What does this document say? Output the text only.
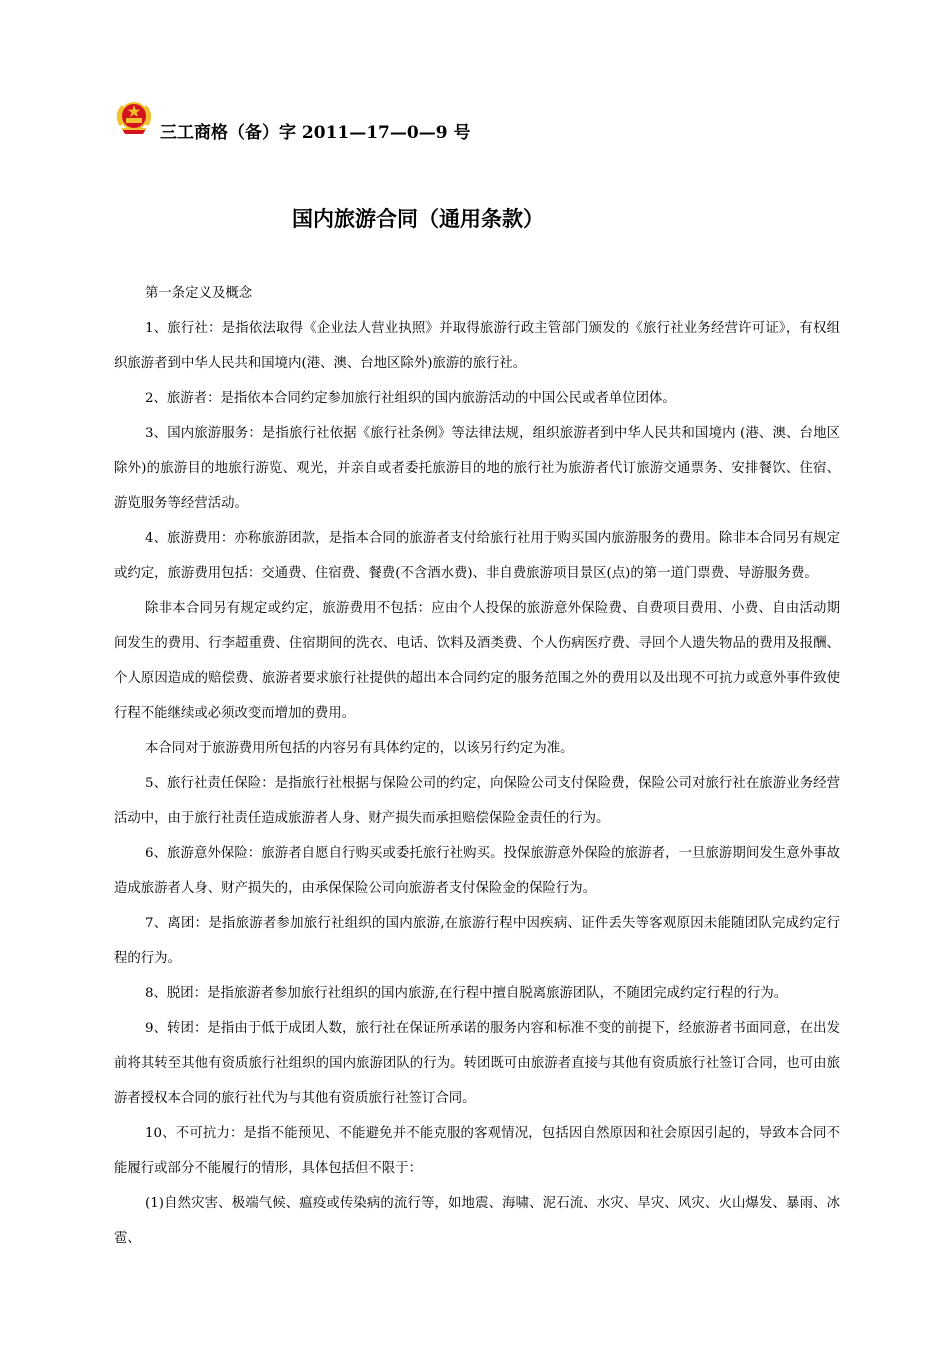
三工商格（备）字 2011—17—0—9 号
国内旅游合同（通用条款）

第一条定义及概念

1、旅行社：是指依法取得《企业法人营业执照》并取得旅游行政主管部门颁发的《旅行社业务经营许可证》，有权组织旅游者到中华人民共和国境内(港、澳、台地区除外)旅游的旅行社。

2、旅游者：是指依本合同约定参加旅行社组织的国内旅游活动的中国公民或者单位团体。

3、国内旅游服务：是指旅行社依据《旅行社条例》等法律法规，组织旅游者到中华人民共和国境内 (港、澳、台地区除外)的旅游目的地旅行游览、观光，并亲自或者委托旅游目的地的旅行社为旅游者代订旅游交通票务、安排餐饮、住宿、游览服务等经营活动。

4、旅游费用：亦称旅游团款，是指本合同的旅游者支付给旅行社用于购买国内旅游服务的费用。除非本合同另有规定或约定，旅游费用包括：交通费、住宿费、餐费(不含酒水费)、非自费旅游项目景区(点)的第一道门票费、导游服务费。

除非本合同另有规定或约定，旅游费用不包括：应由个人投保的旅游意外保险费、自费项目费用、小费、自由活动期间发生的费用、行李超重费、住宿期间的洗衣、电话、饮料及酒类费、个人伤病医疗费、寻回个人遗失物品的费用及报酬、个人原因造成的赔偿费、旅游者要求旅行社提供的超出本合同约定的服务范围之外的费用以及出现不可抗力或意外事件致使行程不能继续或必须改变而增加的费用。

本合同对于旅游费用所包括的内容另有具体约定的，以该另行约定为准。

5、旅行社责任保险：是指旅行社根据与保险公司的约定，向保险公司支付保险费，保险公司对旅行社在旅游业务经营活动中，由于旅行社责任造成旅游者人身、财产损失而承担赔偿保险金责任的行为。

6、旅游意外保险：旅游者自愿自行购买或委托旅行社购买。投保旅游意外保险的旅游者，一旦旅游期间发生意外事故造成旅游者人身、财产损失的，由承保保险公司向旅游者支付保险金的保险行为。

7、离团：是指旅游者参加旅行社组织的国内旅游,在旅游行程中因疾病、证件丢失等客观原因未能随团队完成约定行程的行为。

8、脱团：是指旅游者参加旅行社组织的国内旅游,在行程中擅自脱离旅游团队，不随团完成约定行程的行为。

9、转团：是指由于低于成团人数，旅行社在保证所承诺的服务内容和标准不变的前提下，经旅游者书面同意，在出发前将其转至其他有资质旅行社组织的国内旅游团队的行为。转团既可由旅游者直接与其他有资质旅行社签订合同，也可由旅游者授权本合同的旅行社代为与其他有资质旅行社签订合同。

10、不可抗力：是指不能预见、不能避免并不能克服的客观情况，包括因自然原因和社会原因引起的，导致本合同不能履行或部分不能履行的情形，具体包括但不限于：

(1)自然灾害、极端气候、瘟疫或传染病的流行等，如地震、海啸、泥石流、水灾、旱灾、风灾、火山爆发、暴雨、冰雹、
